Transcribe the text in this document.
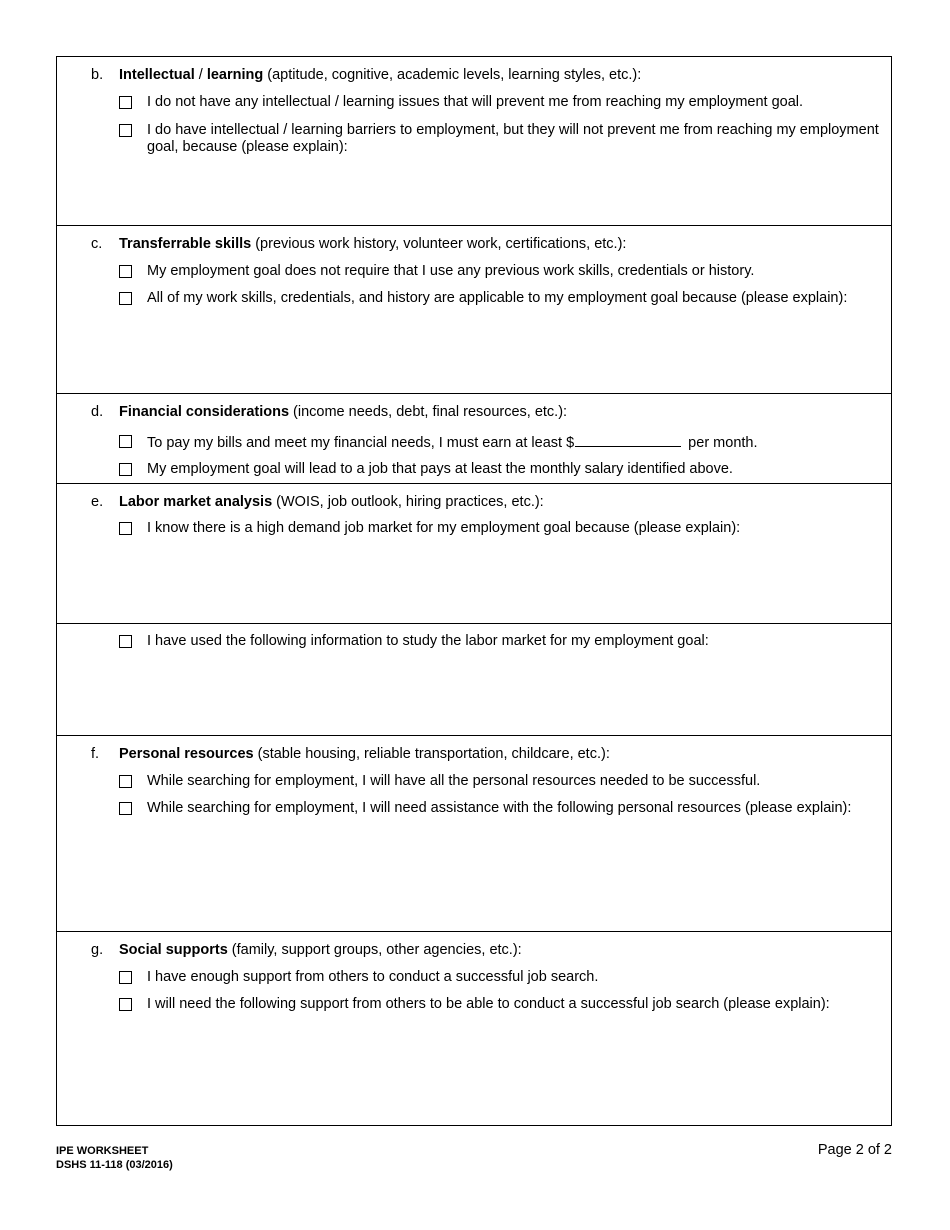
b. Intellectual / learning (aptitude, cognitive, academic levels, learning styles, etc.):
I do not have any intellectual / learning issues that will prevent me from reaching my employment goal.
I do have intellectual / learning barriers to employment, but they will not prevent me from reaching my employment goal, because (please explain):
c. Transferrable skills (previous work history, volunteer work, certifications, etc.):
My employment goal does not require that I use any previous work skills, credentials or history.
All of my work skills, credentials, and history are applicable to my employment goal because (please explain):
d. Financial considerations (income needs, debt, final resources, etc.):
To pay my bills and meet my financial needs, I must earn at least $	per month.
My employment goal will lead to a job that pays at least the monthly salary identified above.
e. Labor market analysis (WOIS, job outlook, hiring practices, etc.):
I know there is a high demand job market for my employment goal because (please explain):
I have used the following information to study the labor market for my employment goal:
f. Personal resources (stable housing, reliable transportation, childcare, etc.):
While searching for employment, I will have all the personal resources needed to be successful.
While searching for employment, I will need assistance with the following personal resources (please explain):
g. Social supports (family, support groups, other agencies, etc.):
I have enough support from others to conduct a successful job search.
I will need the following support from others to be able to conduct a successful job search (please explain):
IPE WORKSHEET
DSHS 11-118 (03/2016)
Page 2 of 2
